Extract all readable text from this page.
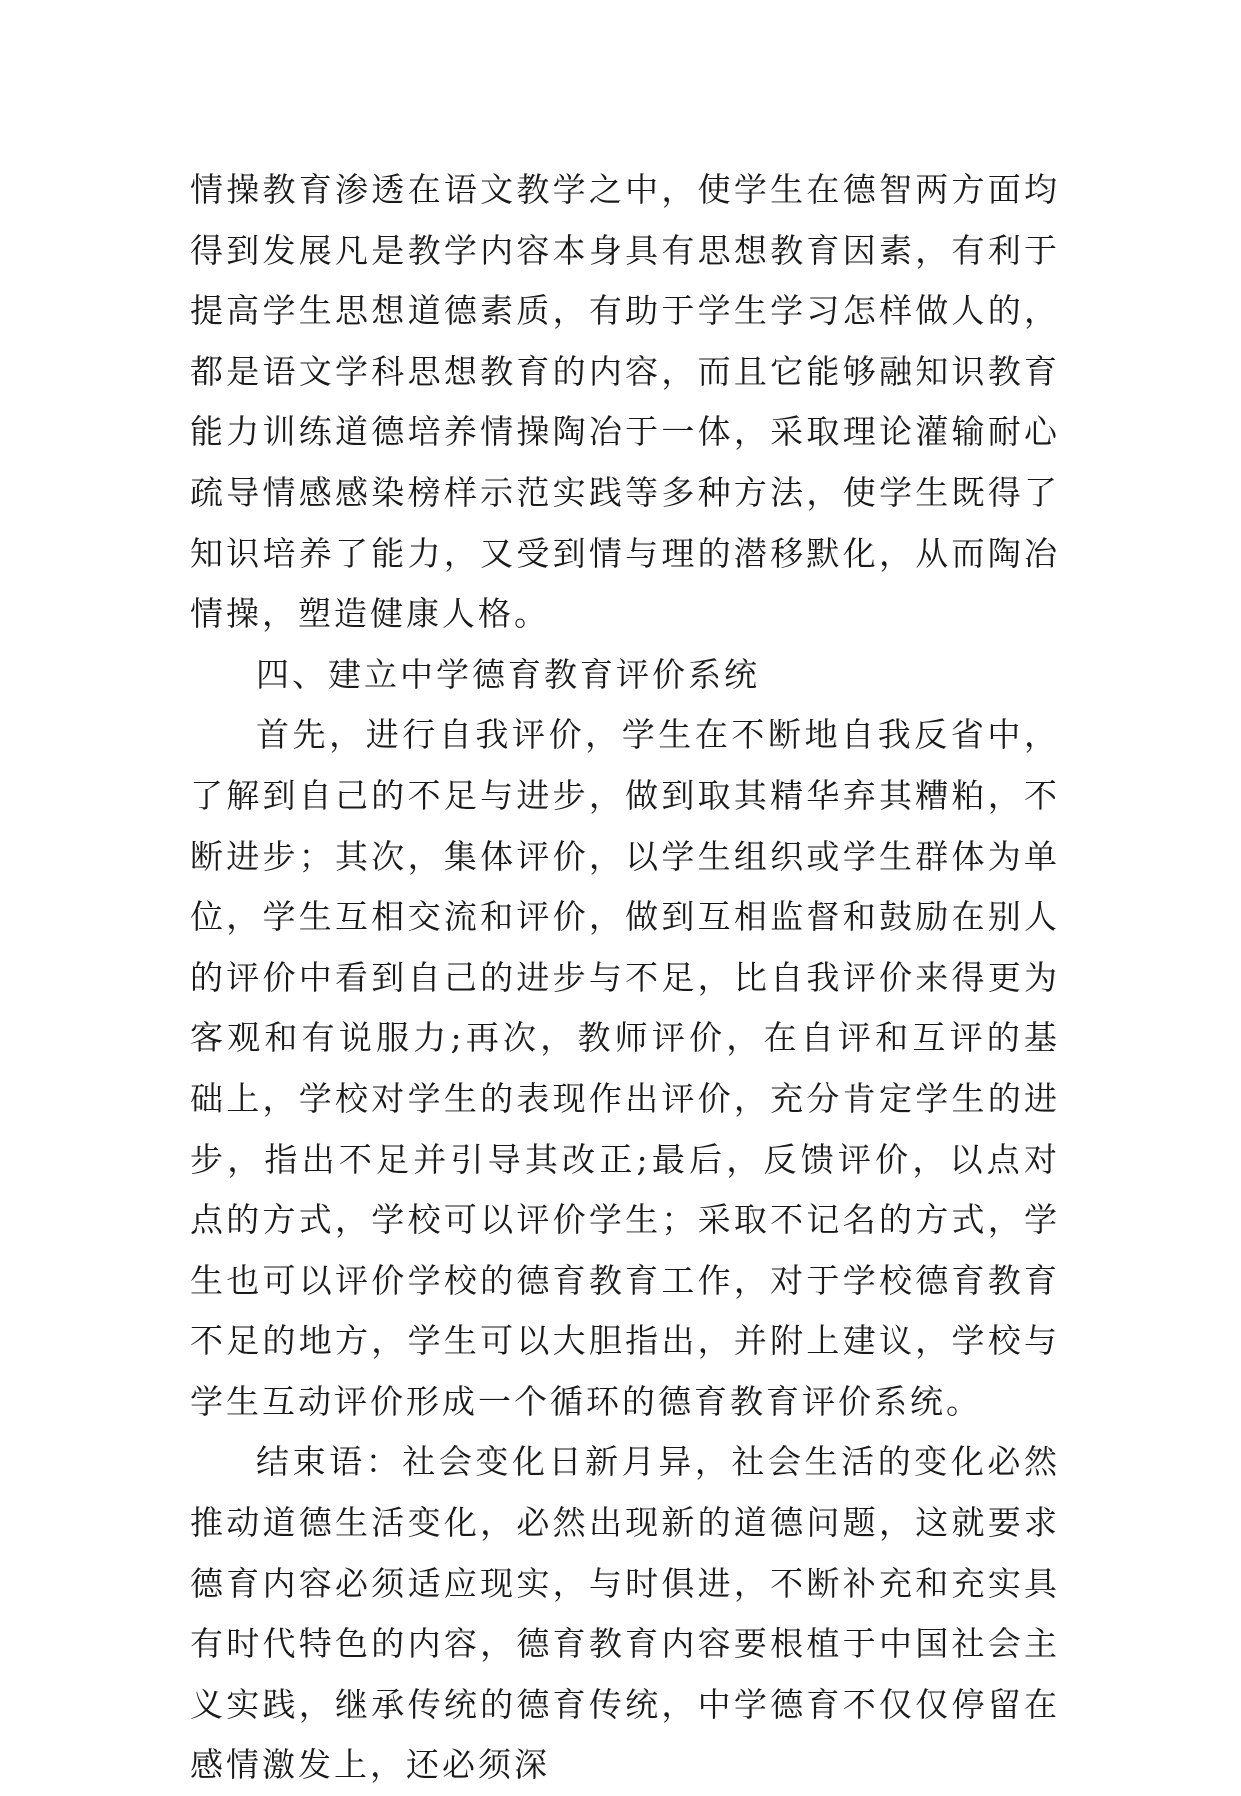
情操教育渗透在语文教学之中，使学生在德智两方面均得到发展凡是教学内容本身具有思想教育因素，有利于提高学生思想道德素质，有助于学生学习怎样做人的，都是语文学科思想教育的内容，而且它能够融知识教育能力训练道德培养情操陶冶于一体，采取理论灌输耐心疏导情感感染榜样示范实践等多种方法，使学生既得了知识培养了能力，又受到情与理的潜移默化，从而陶冶情操，塑造健康人格。

四、建立中学德育教育评价系统

首先，进行自我评价，学生在不断地自我反省中，了解到自己的不足与进步，做到取其精华弃其糟粕，不断进步；其次，集体评价，以学生组织或学生群体为单位，学生互相交流和评价，做到互相监督和鼓励在别人的评价中看到自己的进步与不足，比自我评价来得更为客观和有说服力;再次，教师评价，在自评和互评的基础上，学校对学生的表现作出评价，充分肯定学生的进步，指出不足并引导其改正;最后，反馈评价，以点对点的方式，学校可以评价学生；采取不记名的方式，学生也可以评价学校的德育教育工作，对于学校德育教育不足的地方，学生可以大胆指出，并附上建议，学校与学生互动评价形成一个循环的德育教育评价系统。

结束语：社会变化日新月异，社会生活的变化必然推动道德生活变化，必然出现新的道德问题，这就要求德育内容必须适应现实，与时俱进，不断补充和充实具有时代特色的内容，德育教育内容要根植于中国社会主义实践，继承传统的德育传统，中学德育不仅仅停留在感情激发上，还必须深
